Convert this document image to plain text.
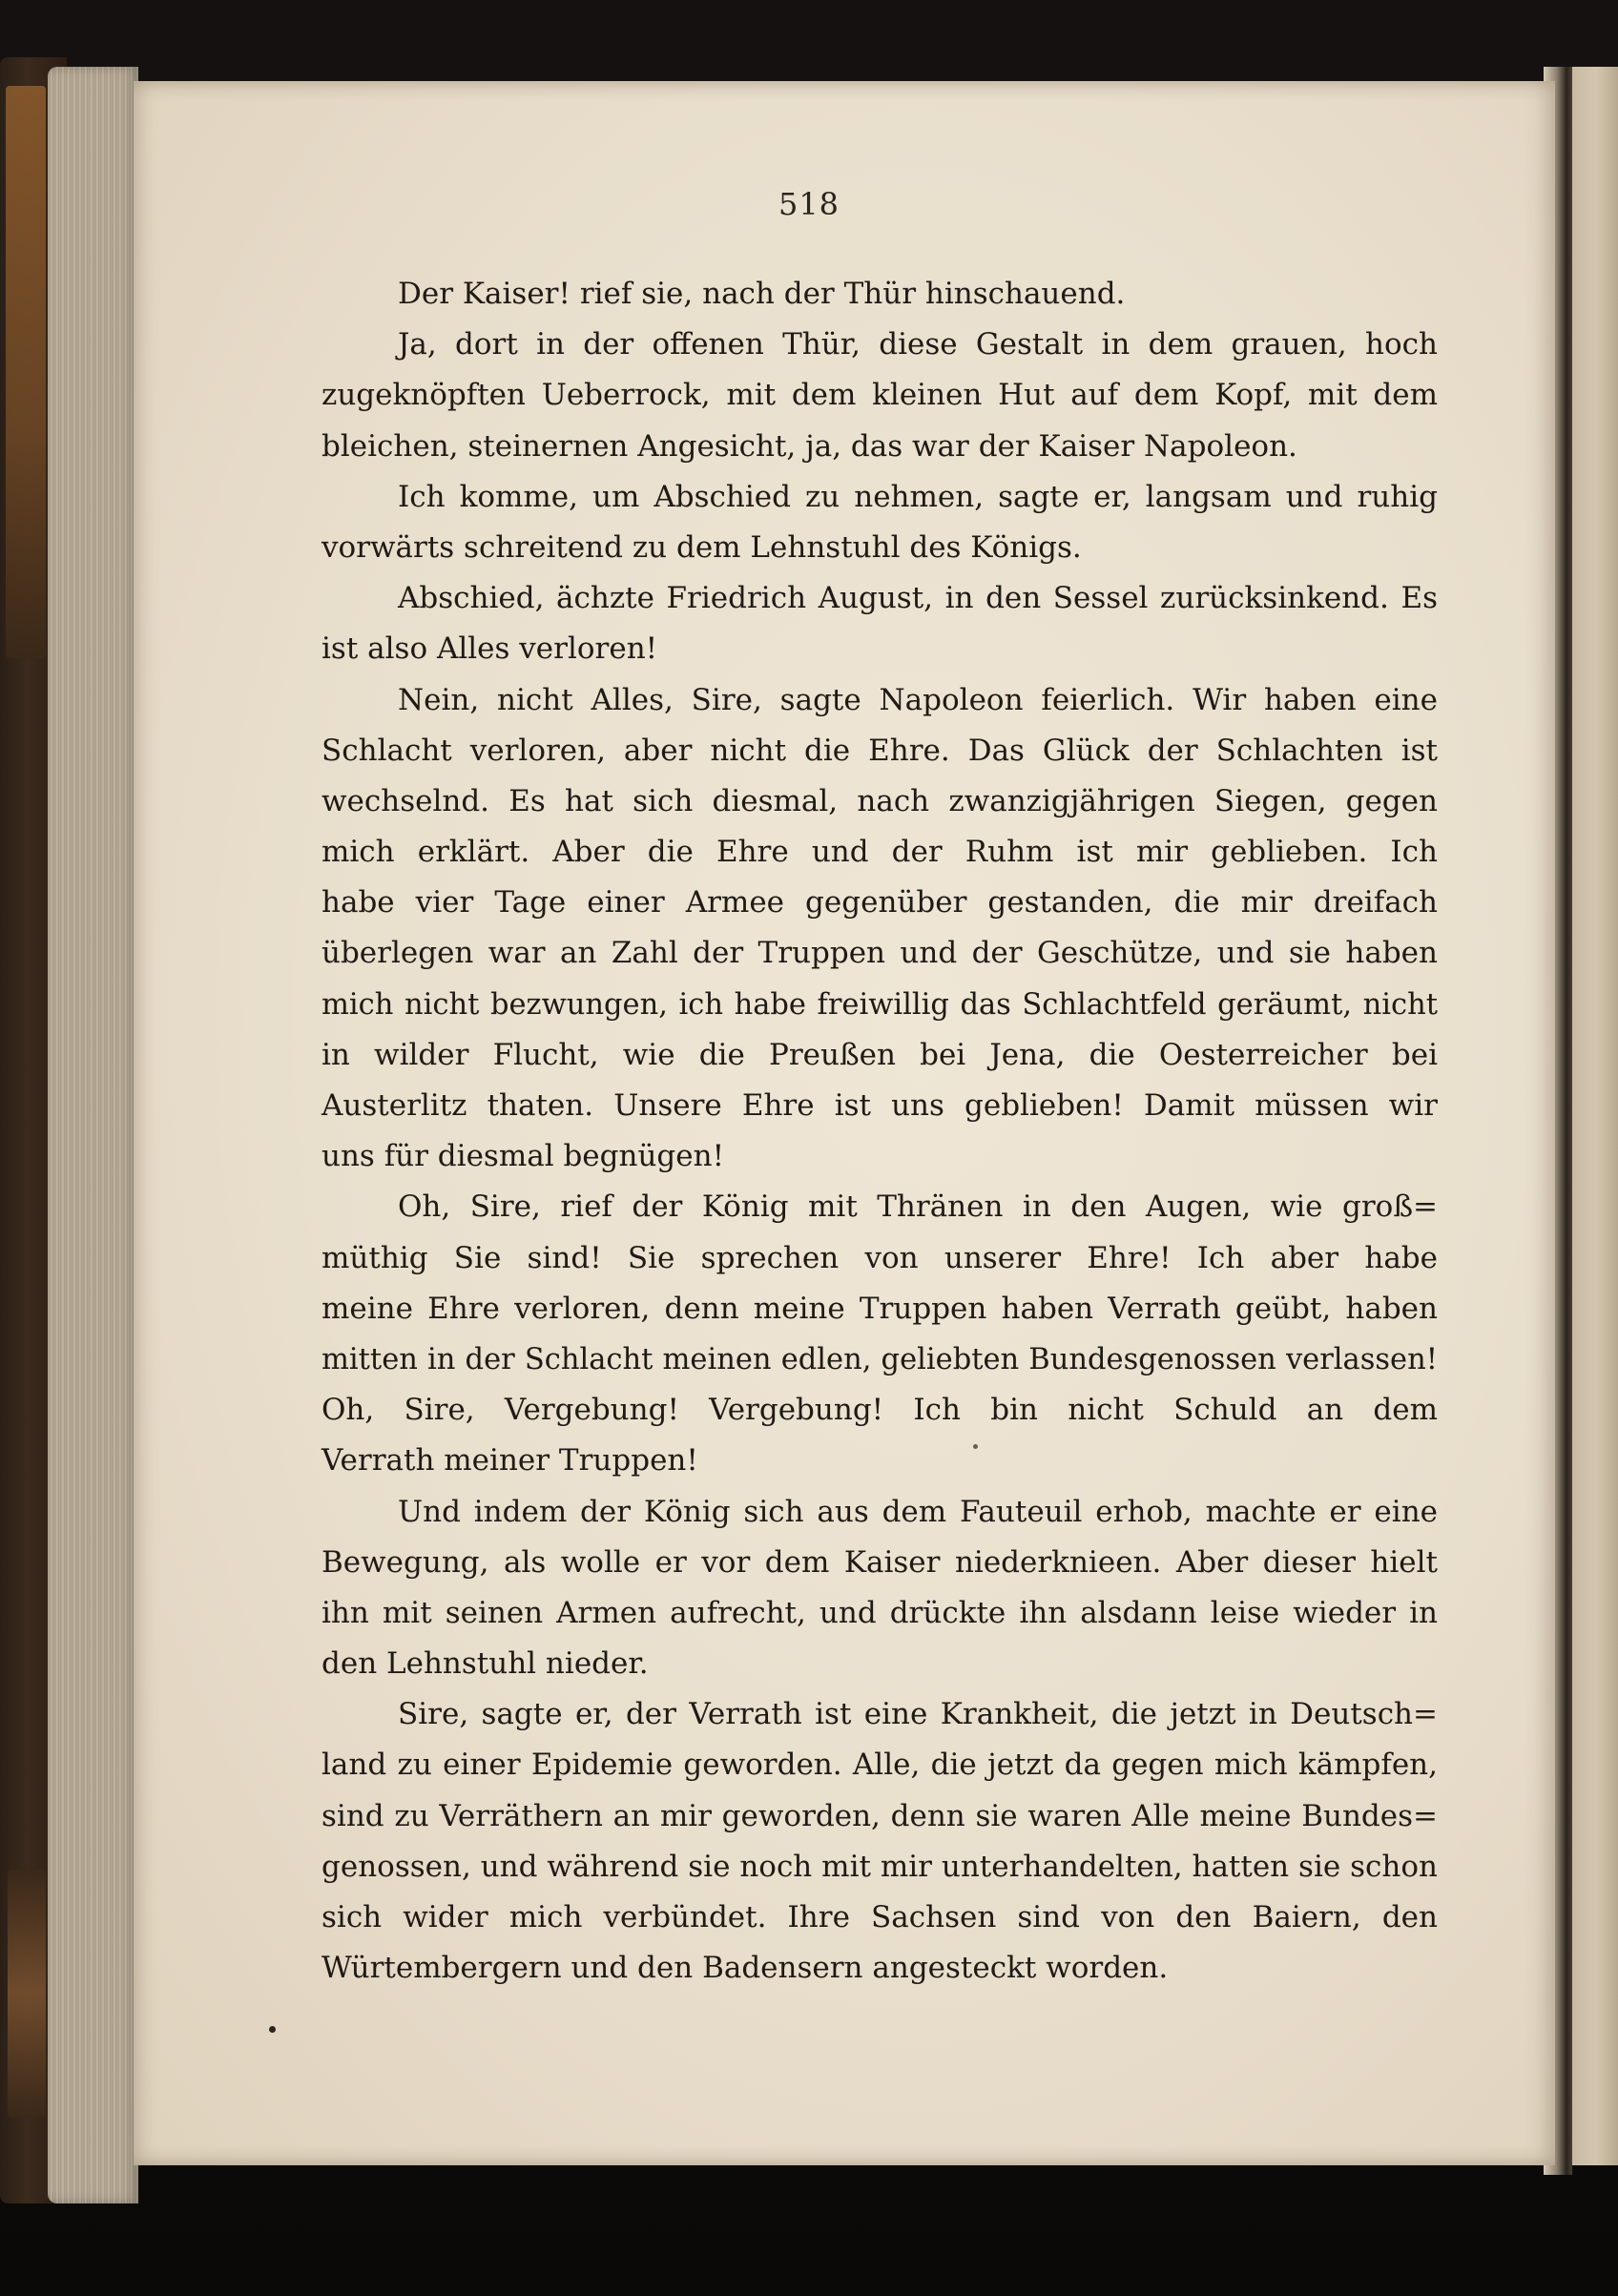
518
Der Kaiser! rief sie, nach der Thür hinschauend.
Ja, dort in der offenen Thür, diese Gestalt in dem grauen, hoch
zugeknöpften Ueberrock, mit dem kleinen Hut auf dem Kopf, mit dem
bleichen, steinernen Angesicht, ja, das war der Kaiser Napoleon.
Ich komme, um Abschied zu nehmen, sagte er, langsam und ruhig
vorwärts schreitend zu dem Lehnstuhl des Königs.
Abschied, ächzte Friedrich August, in den Sessel zurücksinkend. Es
ist also Alles verloren!
Nein, nicht Alles, Sire, sagte Napoleon feierlich. Wir haben eine
Schlacht verloren, aber nicht die Ehre. Das Glück der Schlachten ist
wechselnd. Es hat sich diesmal, nach zwanzigjährigen Siegen, gegen
mich erklärt. Aber die Ehre und der Ruhm ist mir geblieben. Ich
habe vier Tage einer Armee gegenüber gestanden, die mir dreifach
überlegen war an Zahl der Truppen und der Geschütze, und sie haben
mich nicht bezwungen, ich habe freiwillig das Schlachtfeld geräumt, nicht
in wilder Flucht, wie die Preußen bei Jena, die Oesterreicher bei
Austerlitz thaten. Unsere Ehre ist uns geblieben! Damit müssen wir
uns für diesmal begnügen!
Oh, Sire, rief der König mit Thränen in den Augen, wie groß=
müthig Sie sind! Sie sprechen von unserer Ehre! Ich aber habe
meine Ehre verloren, denn meine Truppen haben Verrath geübt, haben
mitten in der Schlacht meinen edlen, geliebten Bundesgenossen verlassen!
Oh, Sire, Vergebung! Vergebung! Ich bin nicht Schuld an dem
Verrath meiner Truppen!
Und indem der König sich aus dem Fauteuil erhob, machte er eine
Bewegung, als wolle er vor dem Kaiser niederknieen. Aber dieser hielt
ihn mit seinen Armen aufrecht, und drückte ihn alsdann leise wieder in
den Lehnstuhl nieder.
Sire, sagte er, der Verrath ist eine Krankheit, die jetzt in Deutsch=
land zu einer Epidemie geworden. Alle, die jetzt da gegen mich kämpfen,
sind zu Verräthern an mir geworden, denn sie waren Alle meine Bundes=
genossen, und während sie noch mit mir unterhandelten, hatten sie schon
sich wider mich verbündet. Ihre Sachsen sind von den Baiern, den
Würtembergern und den Badensern angesteckt worden.
